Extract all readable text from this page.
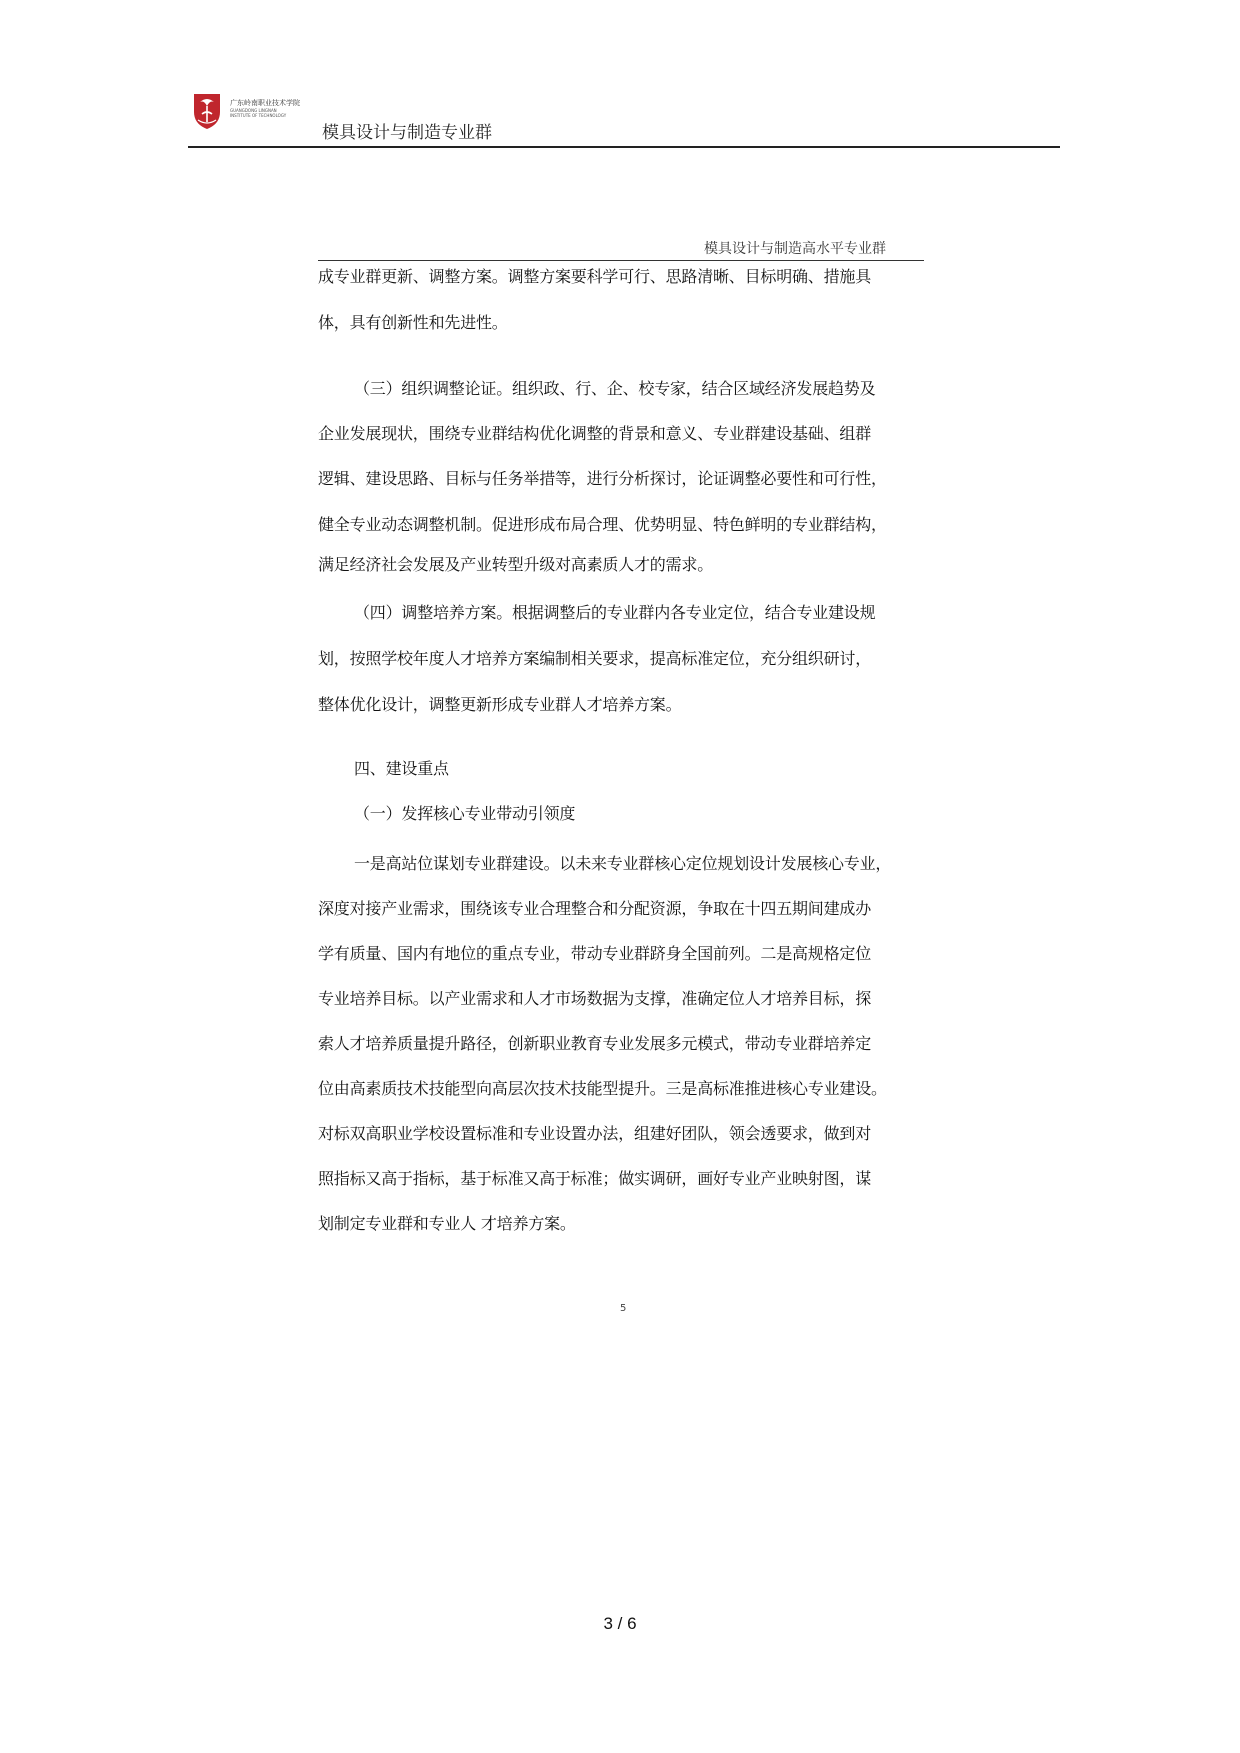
广东岭南职业技术学院
GUANGDONG LINGNAN
INSTITUTE OF TECHNOLOGY
模具设计与制造专业群
模具设计与制造高水平专业群
成专业群更新、调整方案。调整方案要科学可行、思路清晰、目标明确、措施具
体，具有创新性和先进性。
（三）组织调整论证。组织政、行、企、校专家，结合区域经济发展趋势及
企业发展现状，围绕专业群结构优化调整的背景和意义、专业群建设基础、组群
逻辑、建设思路、目标与任务举措等，进行分析探讨，论证调整必要性和可行性，
健全专业动态调整机制。促进形成布局合理、优势明显、特色鲜明的专业群结构，
满足经济社会发展及产业转型升级对高素质人才的需求。
（四）调整培养方案。根据调整后的专业群内各专业定位，结合专业建设规
划，按照学校年度人才培养方案编制相关要求，提高标准定位，充分组织研讨，
整体优化设计，调整更新形成专业群人才培养方案。
四、建设重点
（一）发挥核心专业带动引领度
一是高站位谋划专业群建设。以未来专业群核心定位规划设计发展核心专业，
深度对接产业需求，围绕该专业合理整合和分配资源，争取在十四五期间建成办
学有质量、国内有地位的重点专业，带动专业群跻身全国前列。二是高规格定位
专业培养目标。以产业需求和人才市场数据为支撑，准确定位人才培养目标，探
索人才培养质量提升路径，创新职业教育专业发展多元模式，带动专业群培养定
位由高素质技术技能型向高层次技术技能型提升。三是高标准推进核心专业建设。
对标双高职业学校设置标准和专业设置办法，组建好团队，领会透要求，做到对
照指标又高于指标，基于标准又高于标准；做实调研，画好专业产业映射图，谋
划制定专业群和专业人 才培养方案。
5
3 / 6
